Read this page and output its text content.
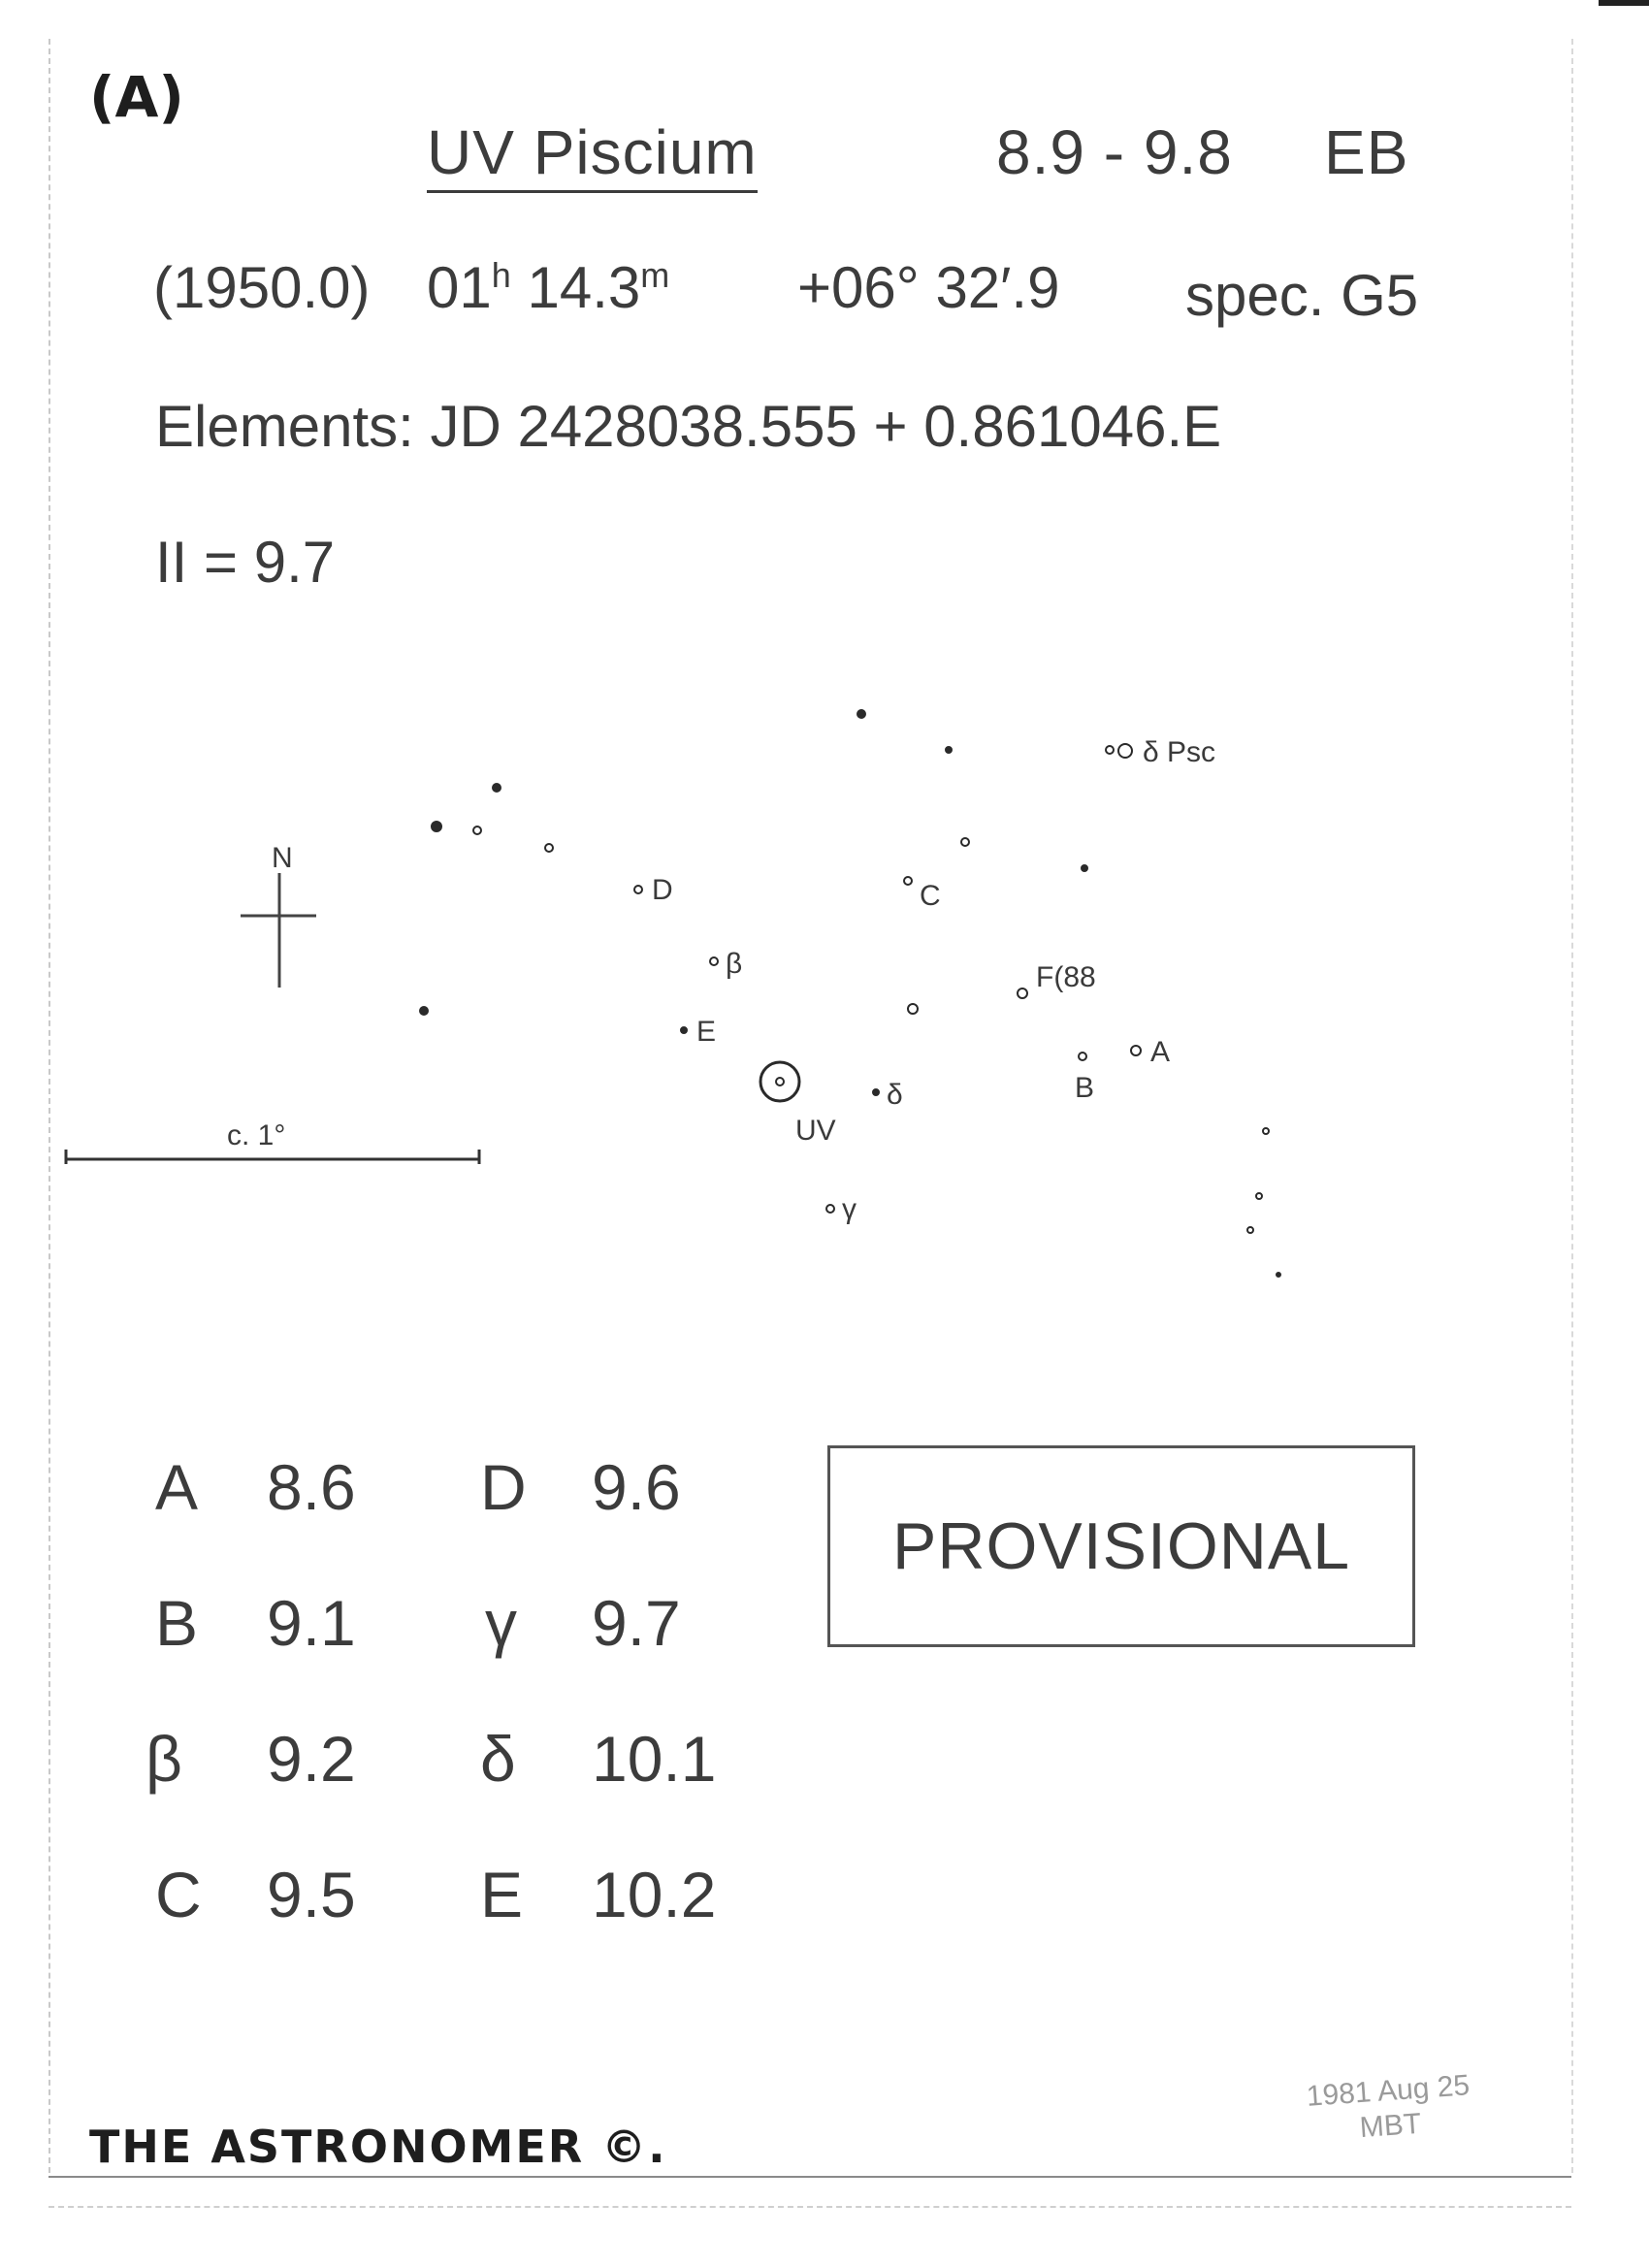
(A)
UV Piscium	8.9 - 9.8 EB
(1950.0) 01$^h$ $14.3^m +06^\circ$ 32′.9 spec. G5
Elements: JD 2428038.555 + 0.861046.E
II = 9.7
N
c. 1°
δ Psc
C
D
β	F(88
E
A
B
δ
UV
γ
A 8.6
B 9.1
β 9.2
C 9.5
D 9.6
γ 9.7
δ 10.1
E 10.2
PROVISIONAL
THE ASTRONOMER ©.
1981 Aug 25
MBT
